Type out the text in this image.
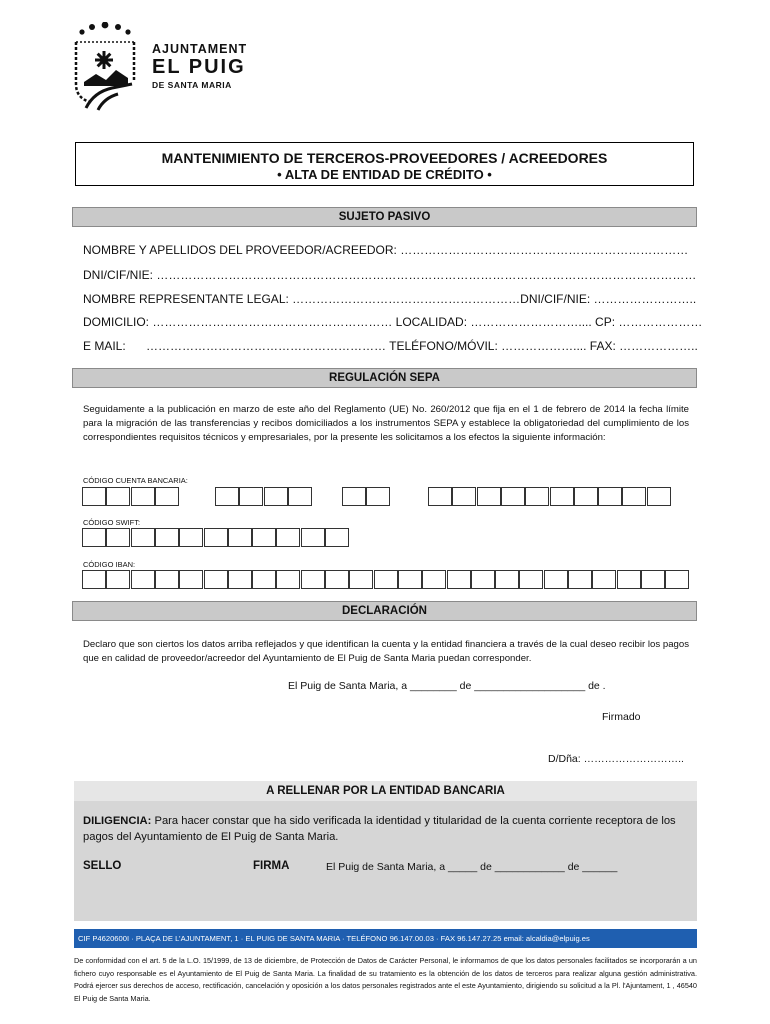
AJUNTAMENT
EL PUIG
DE SANTA MARIA
MANTENIMIENTO DE TERCEROS-PROVEEDORES / ACREEDORES
• ALTA DE ENTIDAD DE CRÉDITO •
SUJETO PASIVO
NOMBRE Y APELLIDOS DEL PROVEEDOR/ACREEDOR: ………………………………………………………………
DNI/CIF/NIE: ………………………………………………………………………………………………………………………
NOMBRE REPRESENTANTE LEGAL: …………………………………………………DNI/CIF/NIE: ……………………..
DOMICILIO: …………………………………………………… LOCALIDAD: ……………………….... CP: …………………
E MAIL: …………………………………………………… TELÉFONO/MÓVIL: ……………….... FAX: ………………..
REGULACIÓN SEPA
Seguidamente a la publicación en marzo de este año del Reglamento (UE) No. 260/2012 que fija en el 1 de febrero de 2014 la fecha límite para la migración de las transferencias y recibos domiciliados a los instrumentos SEPA y establece la obligatoriedad del cumplimiento de los correspondientes requisitos técnicos y empresariales, por la presente les solicitamos a los efectos la siguiente información:
CÓDIGO CUENTA BANCARIA:
CÓDIGO SWIFT:
CÓDIGO IBAN:
DECLARACIÓN
Declaro que son ciertos los datos arriba reflejados y que identifican la cuenta y la entidad financiera a través de la cual deseo recibir los pagos que en calidad de proveedor/acreedor del Ayuntamiento de El Puig de Santa Maria puedan corresponder.
El Puig de Santa Maria, a ________ de ___________________ de .
Firmado
D/Dña: ………………………..
A RELLENAR POR LA ENTIDAD BANCARIA
DILIGENCIA: Para hacer constar que ha sido verificada la identidad y titularidad de la cuenta corriente receptora de los pagos del Ayuntamiento de El Puig de Santa Maria.
SELLO	FIRMA	El Puig de Santa Maria, a _____ de ____________ de ______
CIF P4620600I · PLAÇA DE L’AJUNTAMENT, 1 · EL PUIG DE SANTA MARIA · TELÉFONO 96.147.00.03 · FAX 96.147.27.25 email: alcaldia@elpuig.es
De conformidad con el art. 5 de la L.O. 15/1999, de 13 de diciembre, de Protección de Datos de Carácter Personal, le informamos de que los datos personales facilitados se incorporarán a un fichero cuyo responsable es el Ayuntamiento de El Puig de Santa Maria. La finalidad de su tratamiento es la obtención de los datos de terceros para realizar alguna gestión administrativa. Podrá ejercer sus derechos de acceso, rectificación, cancelación y oposición a los datos personales registrados ante el este Ayuntamiento, dirigiendo su solicitud a la Pl. l'Ajuntament, 1 , 46540 El Puig de Santa Maria.
